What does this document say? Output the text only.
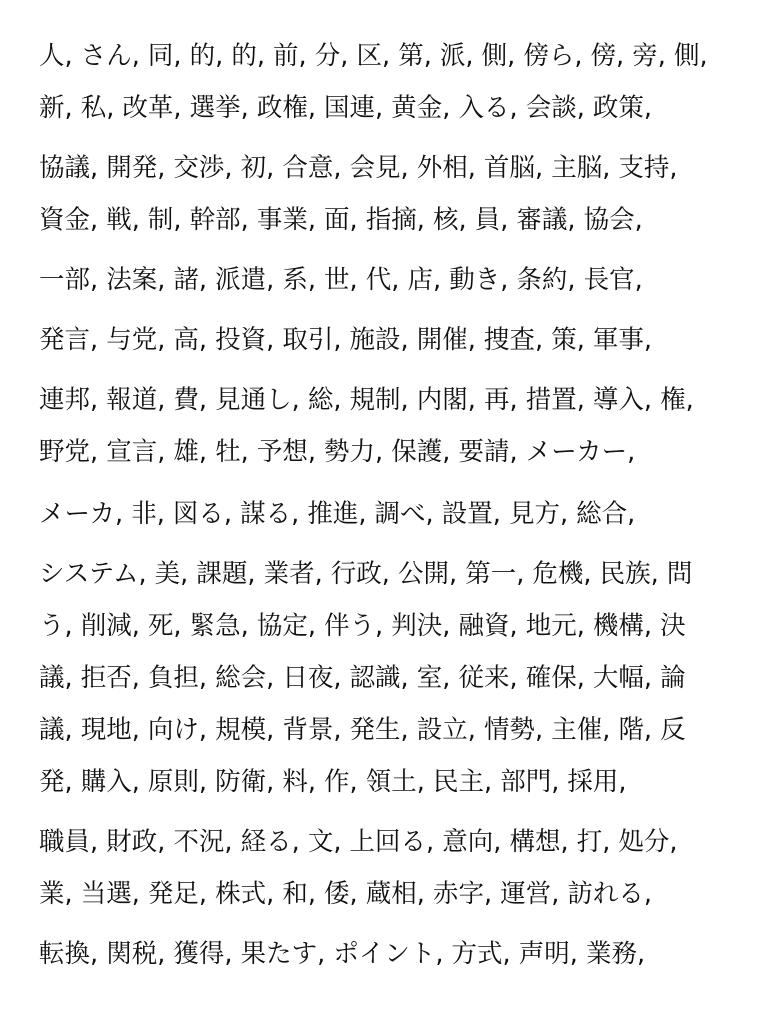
人, さん, 同, 的, 的, 前, 分, 区, 第, 派, 側, 傍ら, 傍, 旁, 側,
新, 私, 改革, 選挙, 政権, 国連, 黄金, 入る, 会談, 政策,
協議, 開発, 交渉, 初, 合意, 会見, 外相, 首脳, 主脳, 支持,
資金, 戦, 制, 幹部, 事業, 面, 指摘, 核, 員, 審議, 協会,
一部, 法案, 諸, 派遣, 系, 世, 代, 店, 動き, 条約, 長官,
発言, 与党, 高, 投資, 取引, 施設, 開催, 捜査, 策, 軍事,
連邦, 報道, 費, 見通し, 総, 規制, 内閣, 再, 措置, 導入, 権,
野党, 宣言, 雄, 牡, 予想, 勢力, 保護, 要請, メーカー,
メーカ, 非, 図る, 謀る, 推進, 調べ, 設置, 見方, 総合,
システム, 美, 課題, 業者, 行政, 公開, 第一, 危機, 民族, 問
う, 削減, 死, 緊急, 協定, 伴う, 判決, 融資, 地元, 機構, 決
議, 拒否, 負担, 総会, 日夜, 認識, 室, 従来, 確保, 大幅, 論
議, 現地, 向け, 規模, 背景, 発生, 設立, 情勢, 主催, 階, 反
発, 購入, 原則, 防衛, 料, 作, 領土, 民主, 部門, 採用,
職員, 財政, 不況, 経る, 文, 上回る, 意向, 構想, 打, 処分,
業, 当選, 発足, 株式, 和, 倭, 蔵相, 赤字, 運営, 訪れる,
転換, 関税, 獲得, 果たす, ポイント, 方式, 声明, 業務,
